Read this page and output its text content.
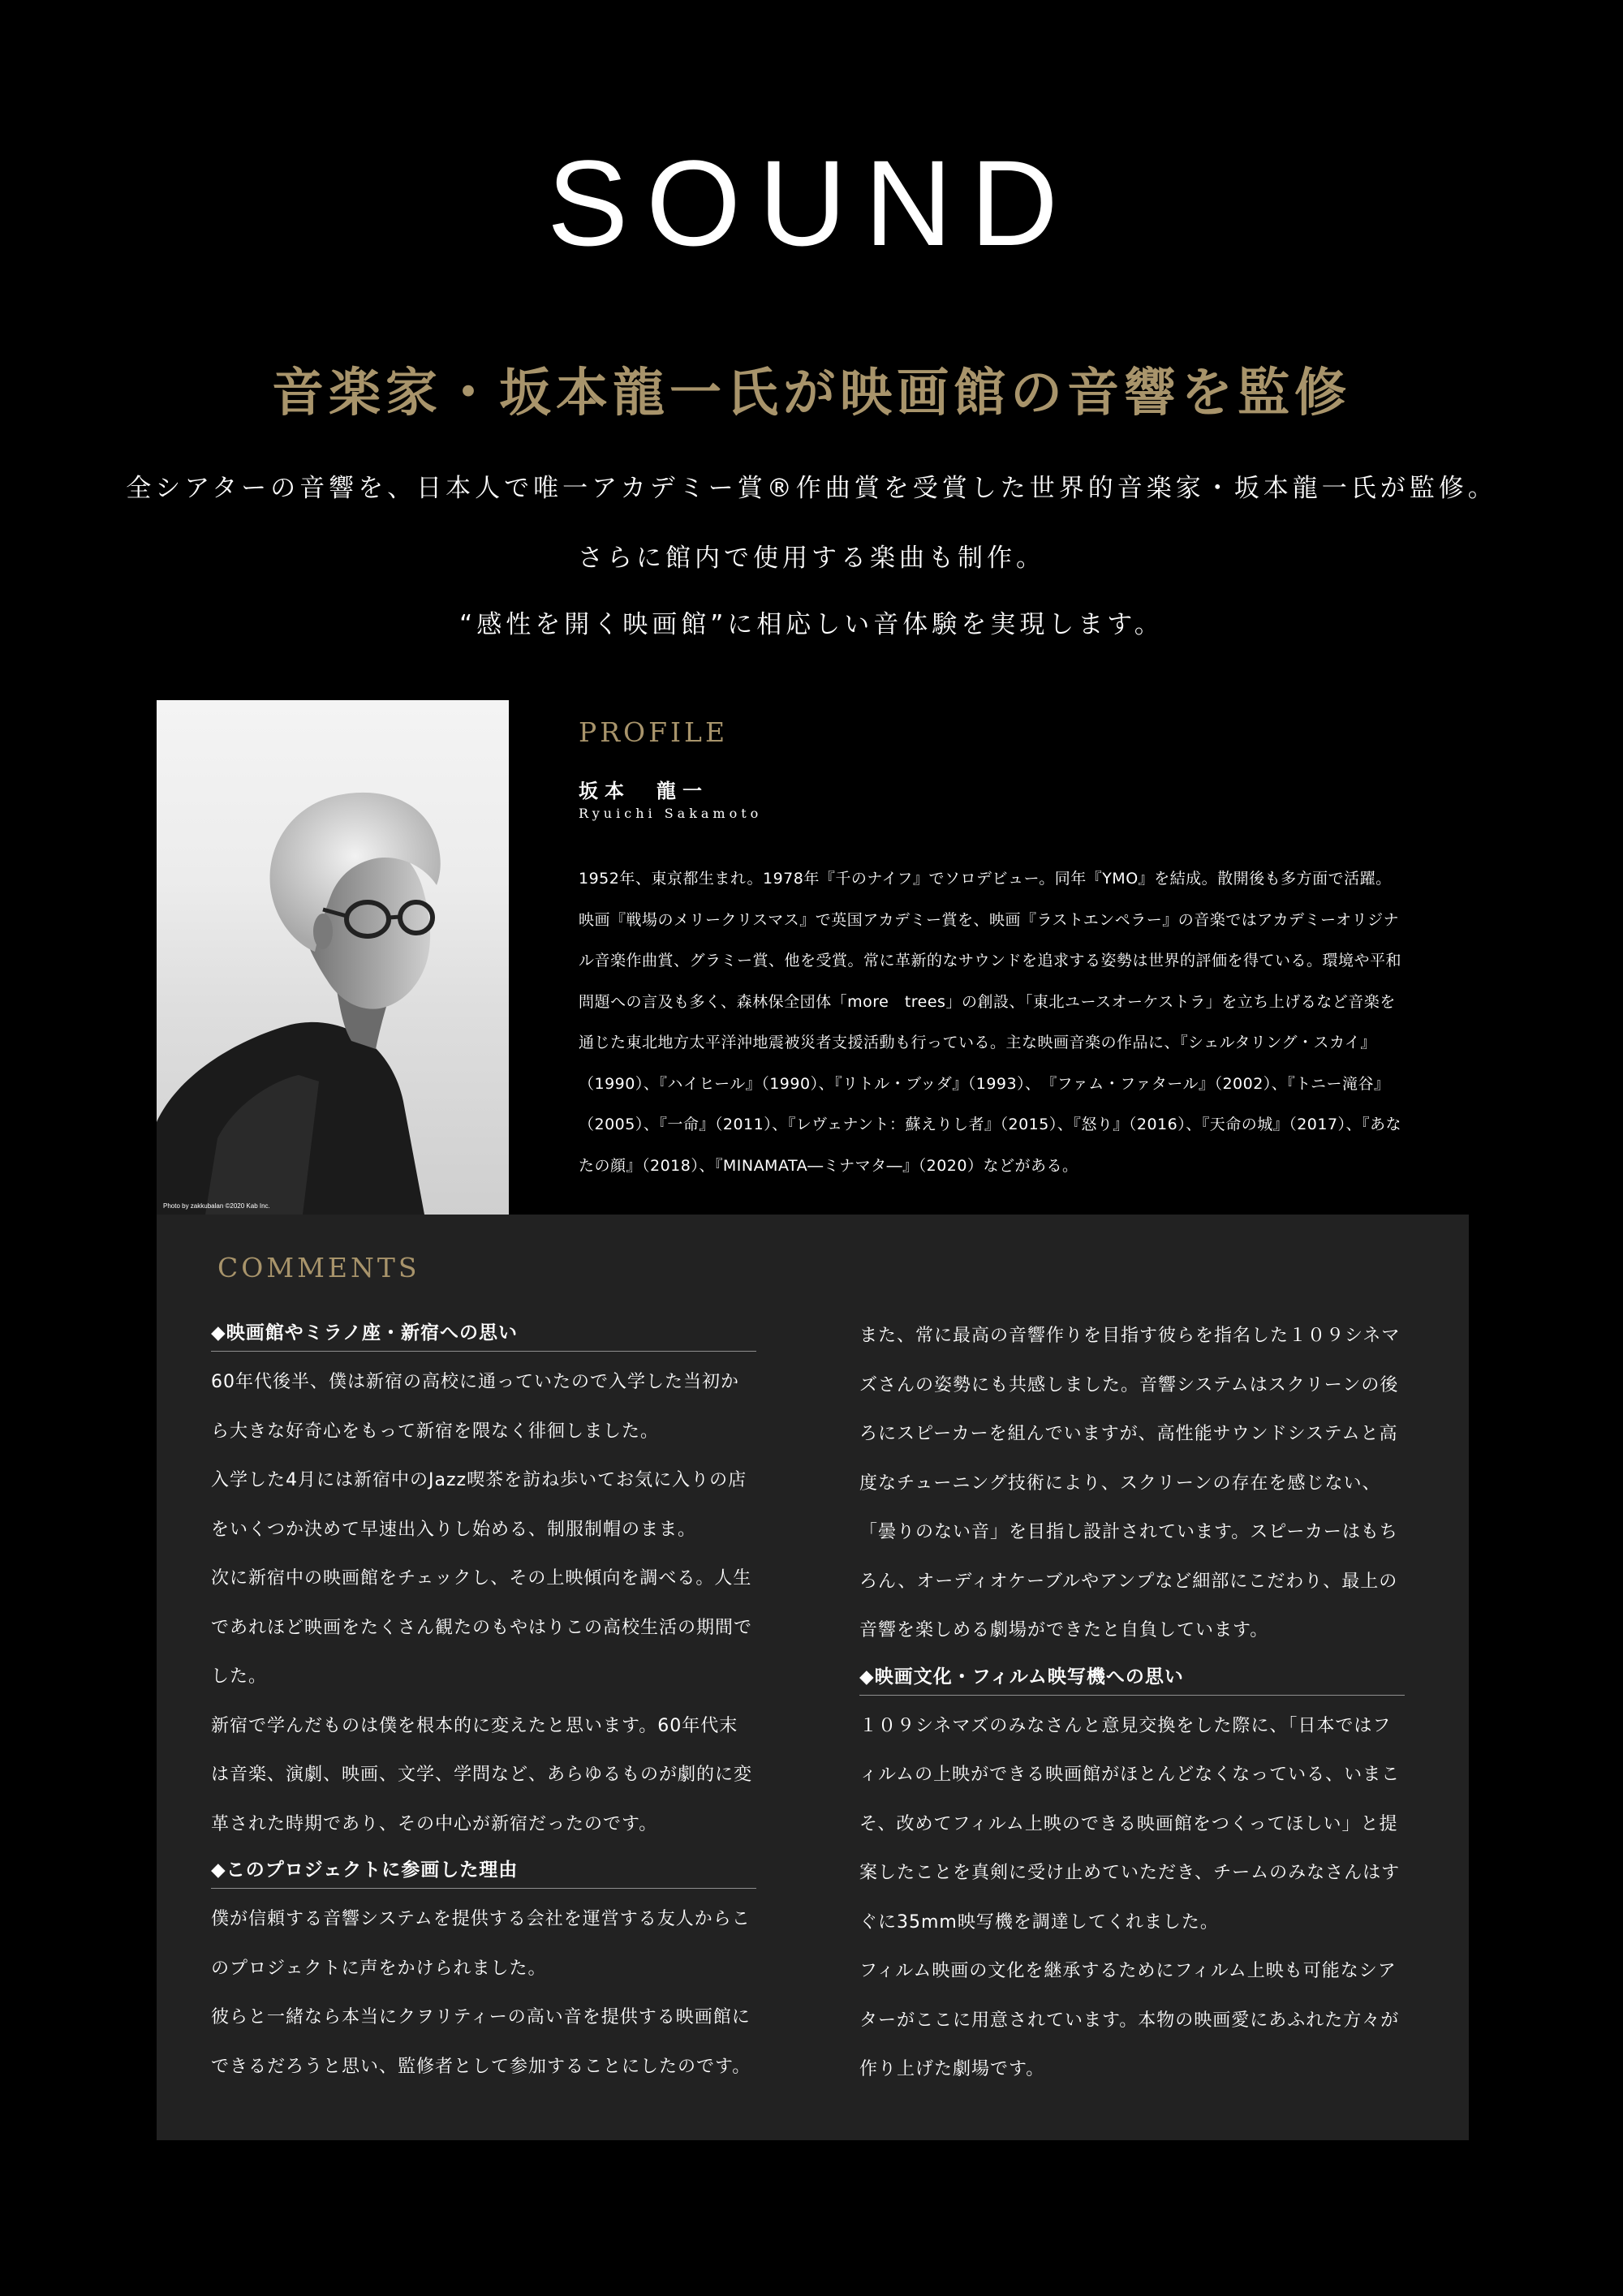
SOUND
音楽家・坂本龍一氏が映画館の音響を監修
全シアターの音響を、日本人で唯一アカデミー賞®作曲賞を受賞した世界的音楽家・坂本龍一氏が監修。
さらに館内で使用する楽曲も制作。
“感性を開く映画館”に相応しい音体験を実現します。
Photo by zakkubalan ©2020 Kab Inc.
PROFILE
坂本　龍一
Ryuichi Sakamoto
1952年、東京都生まれ。1978年『千のナイフ』でソロデビュー。同年『YMO』を結成。散開後も多方面で活躍。映画『戦場のメリークリスマス』で英国アカデミー賞を、映画『ラストエンペラー』の音楽ではアカデミーオリジナル音楽作曲賞、グラミー賞、他を受賞。常に革新的なサウンドを追求する姿勢は世界的評価を得ている。環境や平和問題への言及も多く、森林保全団体「more　trees」の創設、「東北ユースオーケストラ」を立ち上げるなど音楽を通じた東北地方太平洋沖地震被災者支援活動も行っている。主な映画音楽の作品に、『シェルタリング・スカイ』（1990）、『ハイヒール』（1990）、『リトル・ブッダ』（1993）、　『ファム・ファタール』（2002）、『トニー滝谷』（2005）、『一命』（2011）、『レヴェナント：蘇えりし者』（2015）、『怒り』（2016）、『天命の城』（2017）、『あなたの顔』（2018）、『MINAMATA―ミナマタ―』（2020）などがある。
COMMENTS
◆映画館やミラノ座・新宿への思い

60年代後半、僕は新宿の高校に通っていたので入学した当初から大きな好奇心をもって新宿を隈なく徘徊しました。

入学した4月には新宿中のJazz喫茶を訪ね歩いてお気に入りの店をいくつか決めて早速出入りし始める、制服制帽のまま。

次に新宿中の映画館をチェックし、その上映傾向を調べる。人生であれほど映画をたくさん観たのもやはりこの高校生活の期間でした。

新宿で学んだものは僕を根本的に変えたと思います。60年代末は音楽、演劇、映画、文学、学問など、あらゆるものが劇的に変革された時期であり、その中心が新宿だったのです。

◆このプロジェクトに参画した理由

僕が信頼する音響システムを提供する会社を運営する友人からこのプロジェクトに声をかけられました。

彼らと一緒なら本当にクヲリティーの高い音を提供する映画館にできるだろうと思い、監修者として参加することにしたのです。

また、常に最高の音響作りを目指す彼らを指名した１０９シネマズさんの姿勢にも共感しました。音響システムはスクリーンの後ろにスピーカーを組んでいますが、高性能サウンドシステムと高度なチューニング技術により、スクリーンの存在を感じない、「曇りのない音」を目指し設計されています。スピーカーはもちろん、オーディオケーブルやアンプなど細部にこだわり、最上の音響を楽しめる劇場ができたと自負しています。

◆映画文化・フィルム映写機への思い

１０９シネマズのみなさんと意見交換をした際に、「日本ではフィルムの上映ができる映画館がほとんどなくなっている、いまこそ、改めてフィルム上映のできる映画館をつくってほしい」と提案したことを真剣に受け止めていただき、チームのみなさんはすぐに35mm映写機を調達してくれました。

フィルム映画の文化を継承するためにフィルム上映も可能なシアターがここに用意されています。本物の映画愛にあふれた方々が作り上げた劇場です。
